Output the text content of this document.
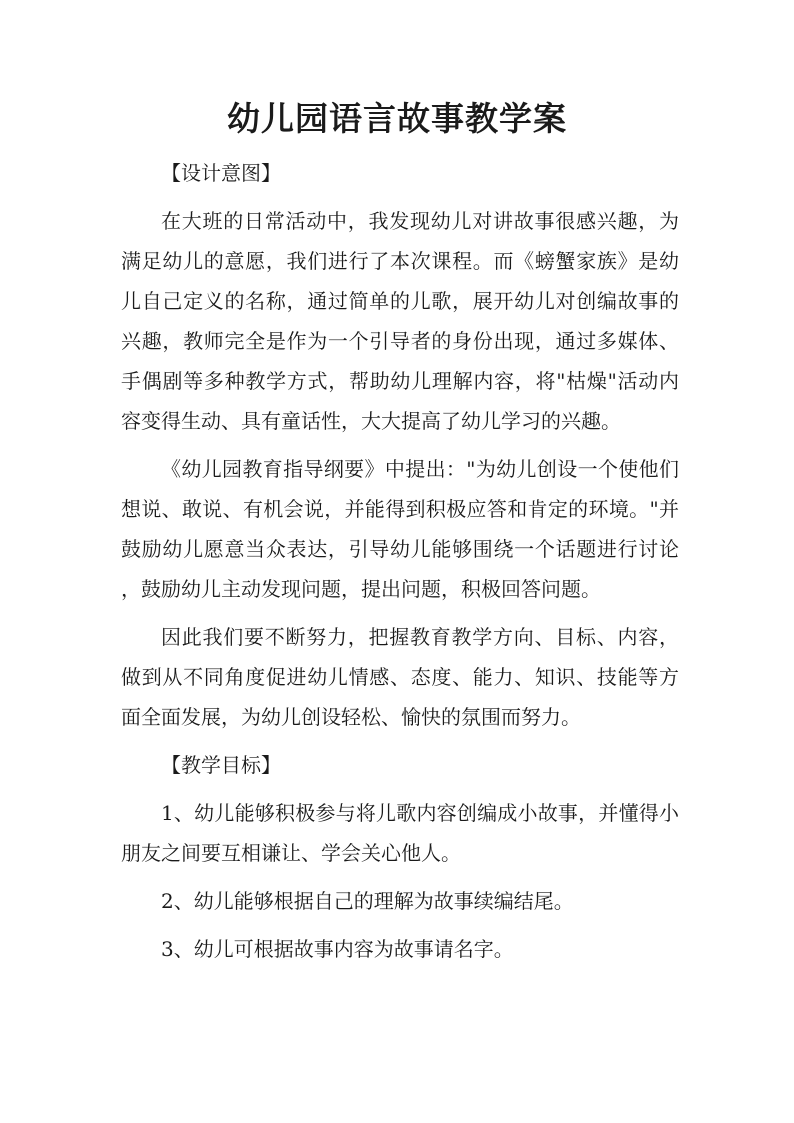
幼儿园语言故事教学案

【设计意图】

在大班的日常活动中，我发现幼儿对讲故事很感兴趣，为满足幼儿的意愿，我们进行了本次课程。而《螃蟹家族》是幼儿自己定义的名称，通过简单的儿歌，展开幼儿对创编故事的兴趣，教师完全是作为一个引导者的身份出现，通过多媒体、手偶剧等多种教学方式，帮助幼儿理解内容，将"枯燥"活动内容变得生动、具有童话性，大大提高了幼儿学习的兴趣。

《幼儿园教育指导纲要》中提出："为幼儿创设一个使他们想说、敢说、有机会说，并能得到积极应答和肯定的环境。"并鼓励幼儿愿意当众表达，引导幼儿能够围绕一个话题进行讨论，鼓励幼儿主动发现问题，提出问题，积极回答问题。

因此我们要不断努力，把握教育教学方向、目标、内容，做到从不同角度促进幼儿情感、态度、能力、知识、技能等方面全面发展，为幼儿创设轻松、愉快的氛围而努力。

【教学目标】

1、幼儿能够积极参与将儿歌内容创编成小故事，并懂得小朋友之间要互相谦让、学会关心他人。

2、幼儿能够根据自己的理解为故事续编结尾。

3、幼儿可根据故事内容为故事请名字。
